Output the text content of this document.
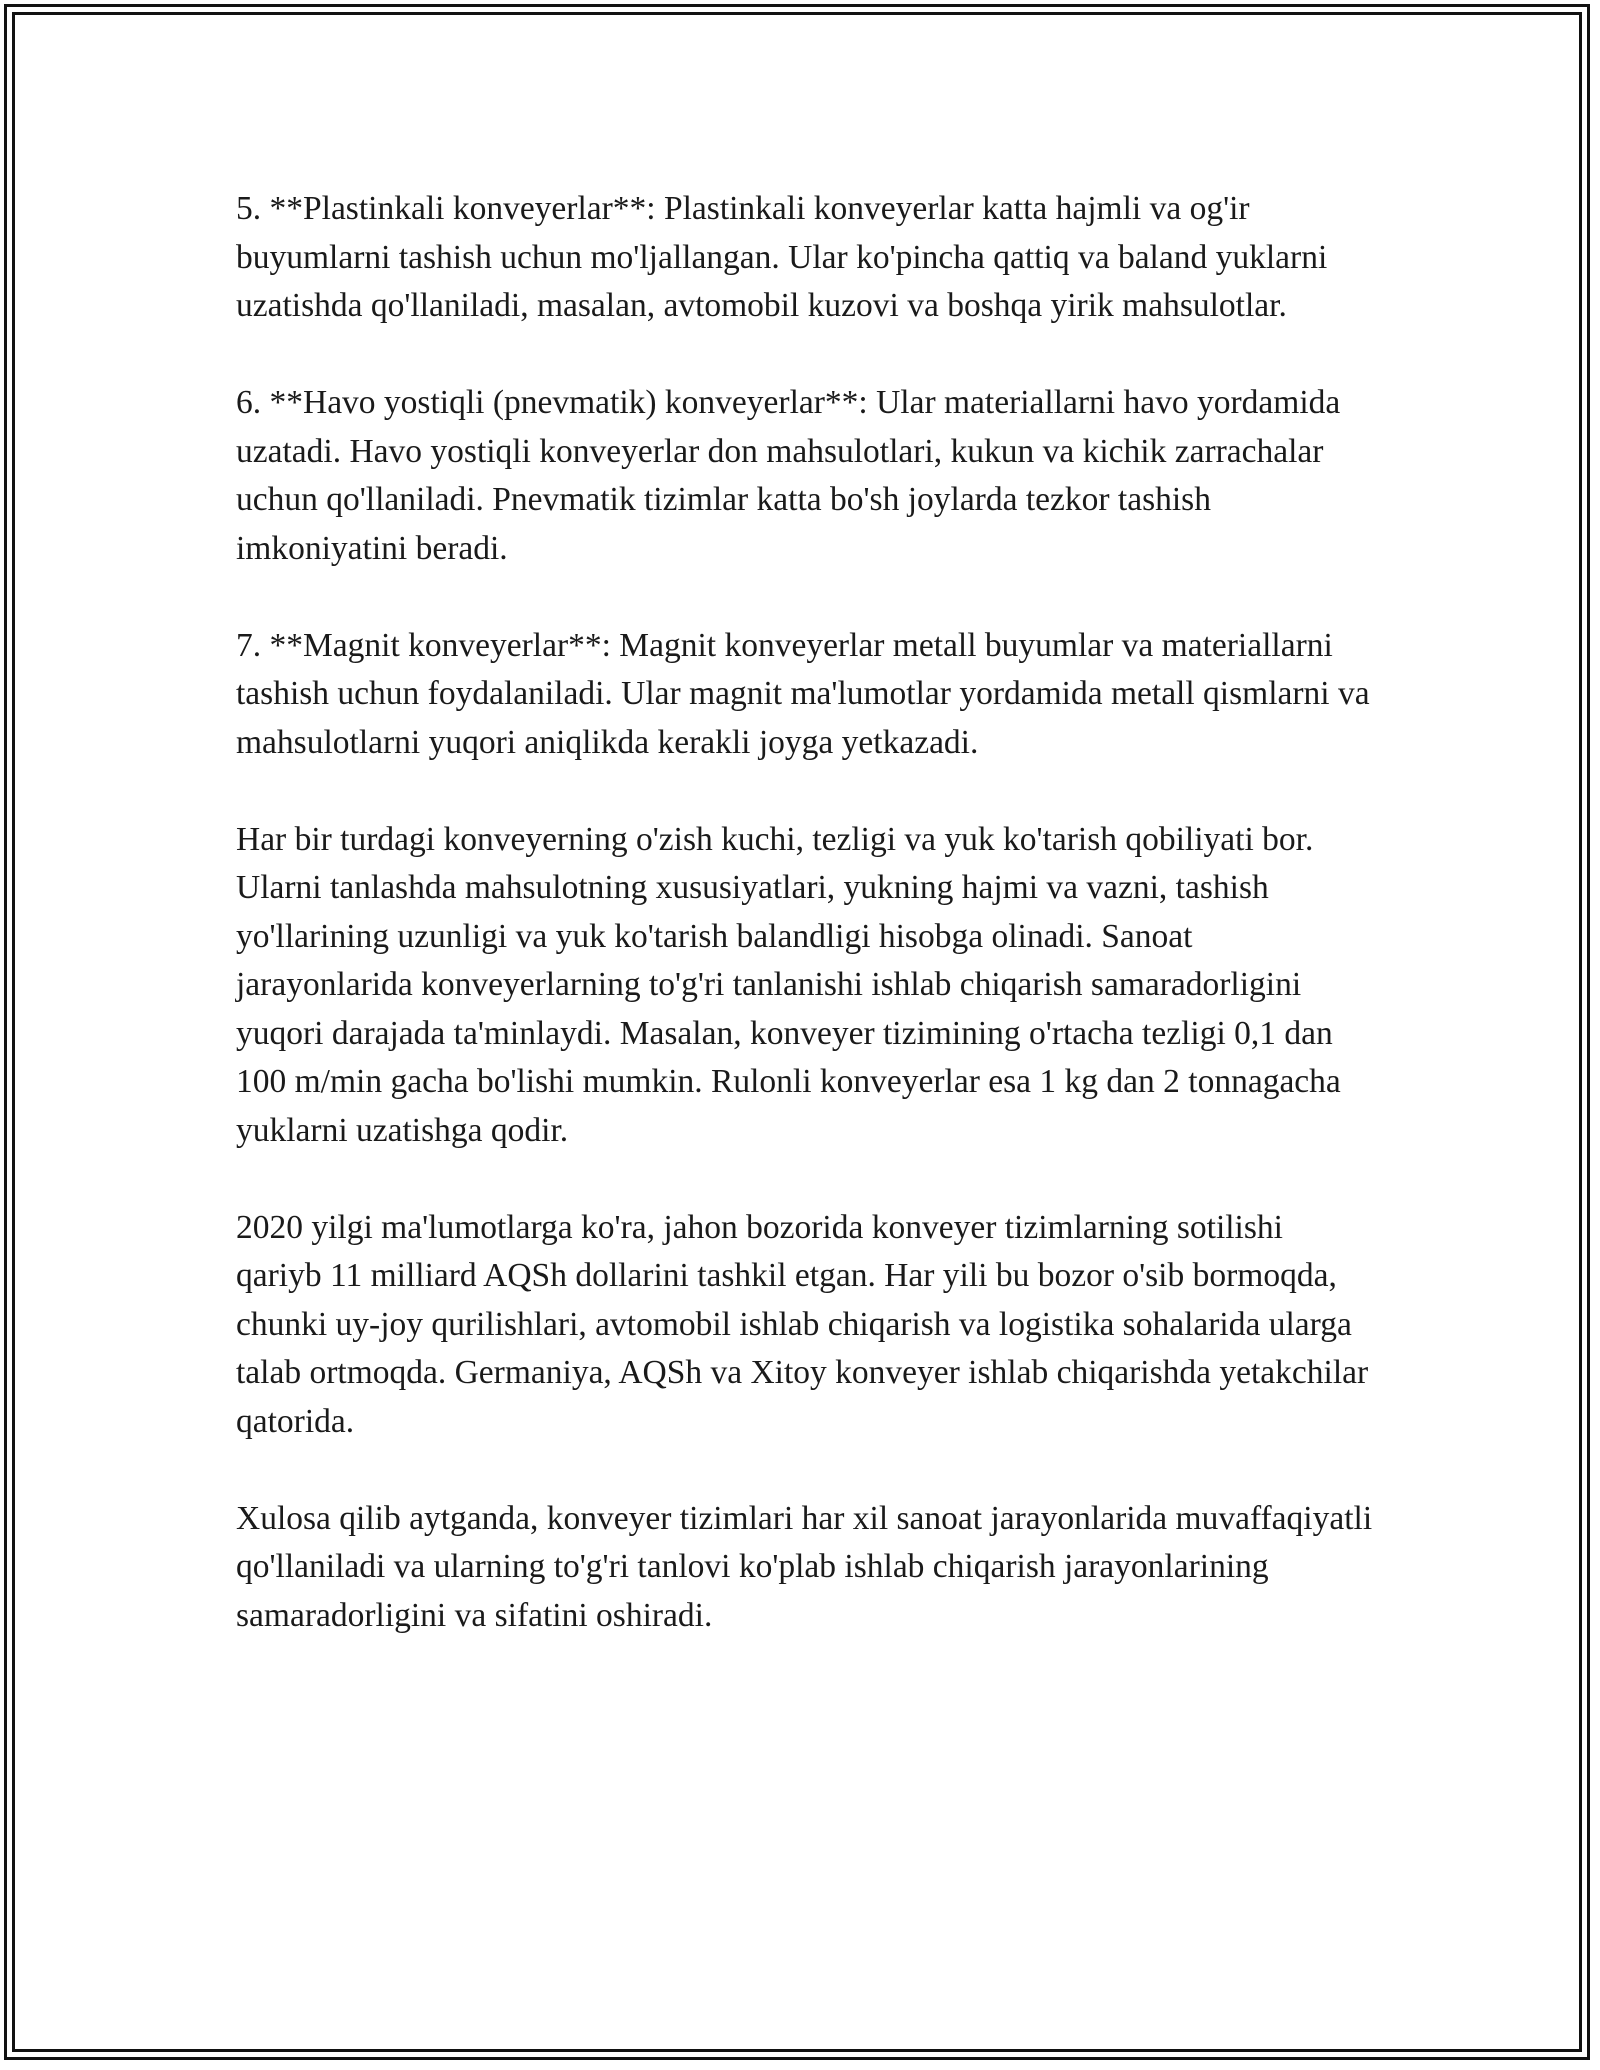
5. **Plastinkali konveyerlar**: Plastinkali konveyerlar katta hajmli va og'ir buyumlarni tashish uchun mo'ljallangan. Ular ko'pincha qattiq va baland yuklarni uzatishda qo'llaniladi, masalan, avtomobil kuzovi va boshqa yirik mahsulotlar.

6. **Havo yostiqli (pnevmatik) konveyerlar**: Ular materiallarni havo yordamida uzatadi. Havo yostiqli konveyerlar don mahsulotlari, kukun va kichik zarrachalar uchun qo'llaniladi. Pnevmatik tizimlar katta bo'sh joylarda tezkor tashish imkoniyatini beradi.

7. **Magnit konveyerlar**: Magnit konveyerlar metall buyumlar va materiallarni tashish uchun foydalaniladi. Ular magnit ma'lumotlar yordamida metall qismlarni va mahsulotlarni yuqori aniqlikda kerakli joyga yetkazadi.

Har bir turdagi konveyerning o'zish kuchi, tezligi va yuk ko'tarish qobiliyati bor. Ularni tanlashda mahsulotning xususiyatlari, yukning hajmi va vazni, tashish yo'llarining uzunligi va yuk ko'tarish balandligi hisobga olinadi. Sanoat jarayonlarida konveyerlarning to'g'ri tanlanishi ishlab chiqarish samaradorligini yuqori darajada ta'minlaydi. Masalan, konveyer tizimining o'rtacha tezligi 0,1 dan 100 m/min gacha bo'lishi mumkin. Rulonli konveyerlar esa 1 kg dan 2 tonnagacha yuklarni uzatishga qodir.

2020 yilgi ma'lumotlarga ko'ra, jahon bozorida konveyer tizimlarning sotilishi qariyb 11 milliard AQSh dollarini tashkil etgan. Har yili bu bozor o'sib bormoqda, chunki uy-joy qurilishlari, avtomobil ishlab chiqarish va logistika sohalarida ularga talab ortmoqda. Germaniya, AQSh va Xitoy konveyer ishlab chiqarishda yetakchilar qatorida.

Xulosa qilib aytganda, konveyer tizimlari har xil sanoat jarayonlarida muvaffaqiyatli qo'llaniladi va ularning to'g'ri tanlovi ko'plab ishlab chiqarish jarayonlarining samaradorligini va sifatini oshiradi.
